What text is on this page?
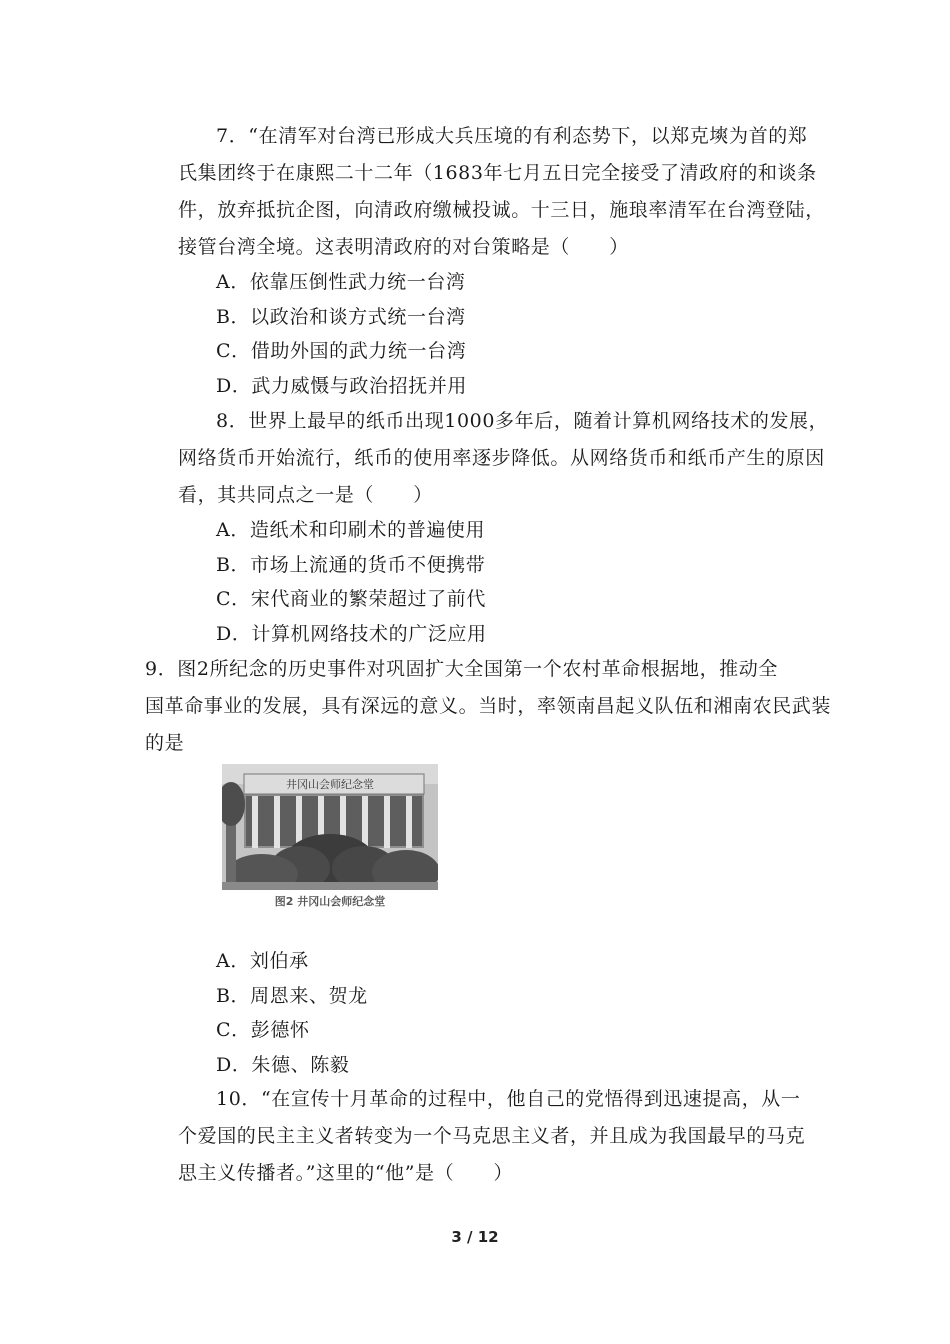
7．“在清军对台湾已形成大兵压境的有利态势下，以郑克塽为首的郑
氏集团终于在康熙二十二年（1683年七月五日完全接受了清政府的和谈条
件，放弃抵抗企图，向清政府缴械投诚。十三日，施琅率清军在台湾登陆，
接管台湾全境。这表明清政府的对台策略是（　　）
A．依靠压倒性武力统一台湾
B．以政治和谈方式统一台湾
C．借助外国的武力统一台湾
D．武力威慑与政治招抚并用
8．世界上最早的纸币出现1000多年后，随着计算机网络技术的发展，
网络货币开始流行，纸币的使用率逐步降低。从网络货币和纸币产生的原因
看，其共同点之一是（　　）
A．造纸术和印刷术的普遍使用
B．市场上流通的货币不便携带
C．宋代商业的繁荣超过了前代
D．计算机网络技术的广泛应用
9．图2所纪念的历史事件对巩固扩大全国第一个农村革命根据地，推动全
国革命事业的发展，具有深远的意义。当时，率领南昌起义队伍和湘南农民武装
的是
井冈山会师纪念堂
图2 井冈山会师纪念堂
A．刘伯承
B．周恩来、贺龙
C．彭德怀
D．朱德、陈毅
10．“在宣传十月革命的过程中，他自己的党悟得到迅速提高，从一
个爱国的民主主义者转变为一个马克思主义者，并且成为我国最早的马克
思主义传播者。”这里的“他”是（　　）
3 / 12
